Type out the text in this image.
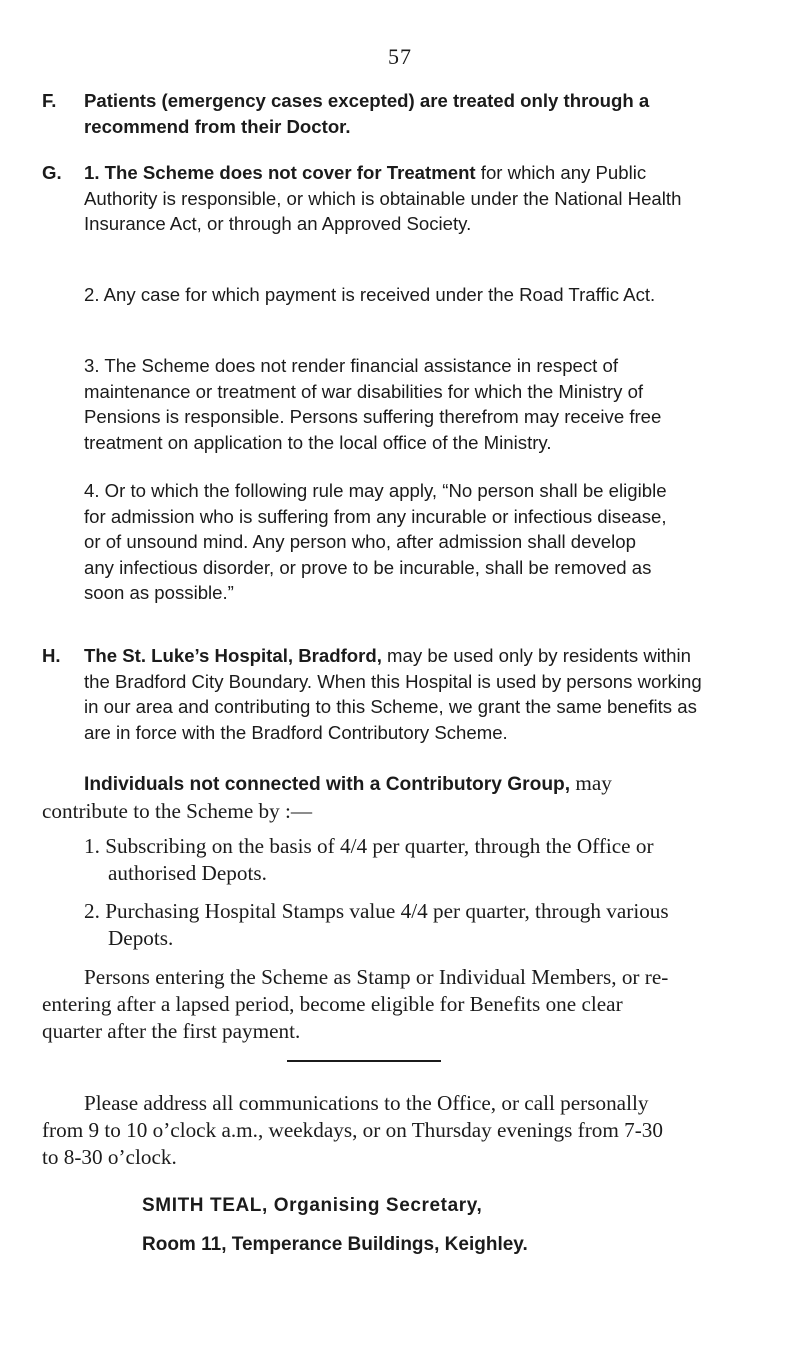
57
F.	Patients (emergency cases excepted) are treated only through a recommend from their Doctor.
G.	1. The Scheme does not cover for Treatment for which any Public Authority is responsible, or which is obtainable under the National Health Insurance Act, or through an Approved Society.

2. Any case for which payment is received under the Road Traffic Act.

3. The Scheme does not render financial assistance in respect of maintenance or treatment of war disabilities for which the Ministry of Pensions is responsible. Persons suffering therefrom may receive free treatment on application to the local office of the Ministry.

4. Or to which the following rule may apply, “No person shall be eligible for admission who is suffering from any incurable or infectious disease, or of unsound mind. Any person who, after admission shall develop any infectious disorder, or prove to be incurable, shall be removed as soon as possible.”

H.	The St. Luke’s Hospital, Bradford, may be used only by residents within the Bradford City Boundary. When this Hospital is used by persons working in our area and contributing to this Scheme, we grant the same benefits as are in force with the Bradford Contributory Scheme.

Individuals not connected with a Contributory Group, may contribute to the Scheme by :—

1. Subscribing on the basis of 4/4 per quarter, through the Office or authorised Depots.

2. Purchasing Hospital Stamps value 4/4 per quarter, through various Depots.

Persons entering the Scheme as Stamp or Individual Members, or re-entering after a lapsed period, become eligible for Benefits one clear quarter after the first payment.

Please address all communications to the Office, or call personally from 9 to 10 o’clock a.m., weekdays, or on Thursday evenings from 7-30 to 8-30 o’clock.

SMITH TEAL, Organising Secretary,

Room 11, Temperance Buildings, Keighley.
